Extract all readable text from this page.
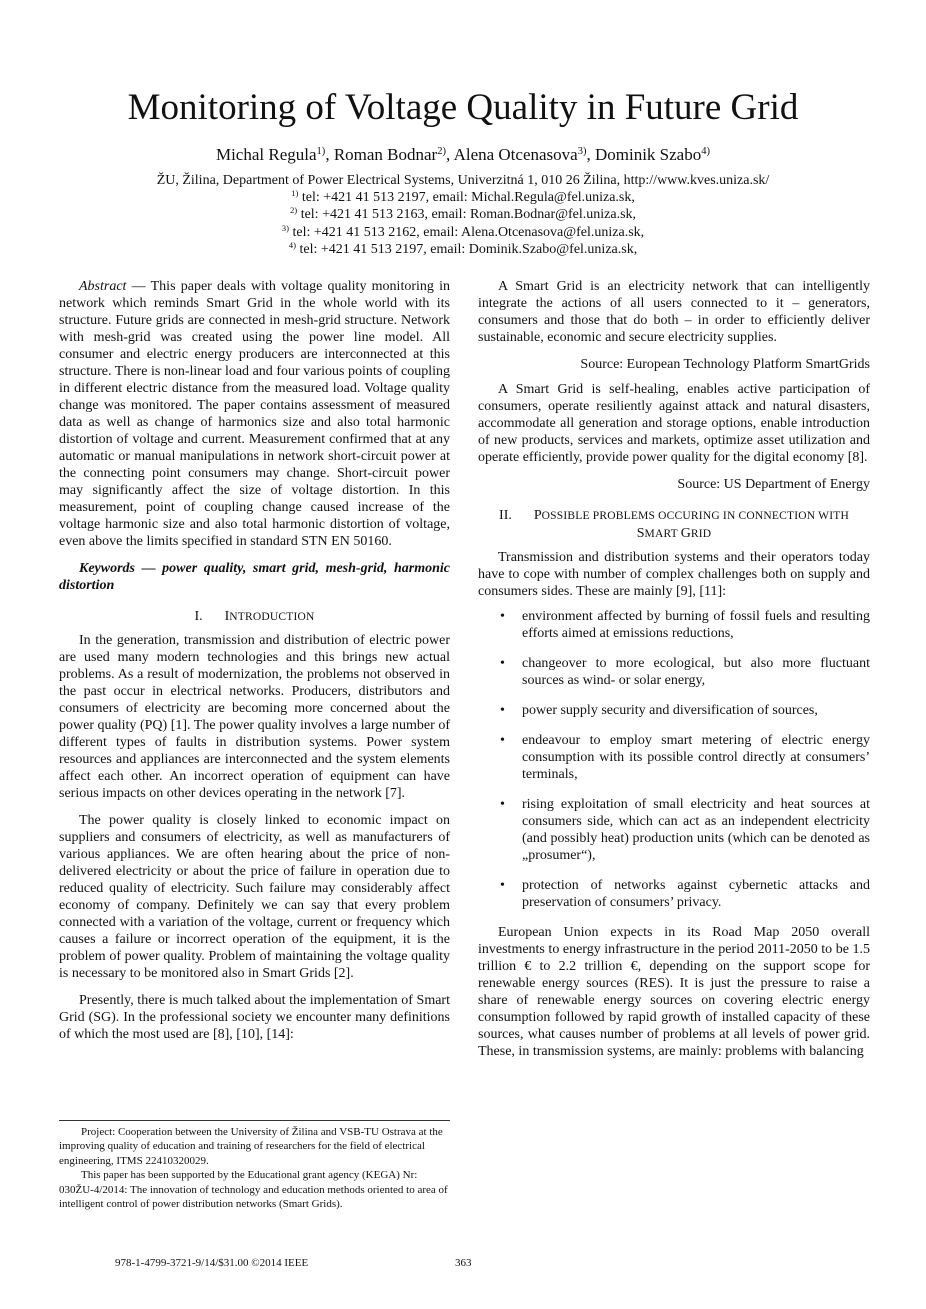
Monitoring of Voltage Quality in Future Grid
Michal Regula$^{1)}$, Roman Bodnar$^{2)}$, Alena Otcenasova$^{3)}$, Dominik Szabo$^{4)}$
ŽU, Žilina, Department of Power Electrical Systems, Univerzitná 1, 010 26 Žilina, http://www.kves.uniza.sk/
$^{1)}$ tel: +421 41 513 2197, email: Michal.Regula@fel.uniza.sk,
$^{2)}$ tel: +421 41 513 2163, email: Roman.Bodnar@fel.uniza.sk,
$^{3)}$ tel: +421 41 513 2162, email: Alena.Otcenasova@fel.uniza.sk,
$^{4)}$ tel: +421 41 513 2197, email: Dominik.Szabo@fel.uniza.sk,

Abstract — This paper deals with voltage quality monitoring in network which reminds Smart Grid in the whole world with its structure. Future grids are connected in mesh-grid structure. Network with mesh-grid was created using the power line model. All consumer and electric energy producers are interconnected at this structure. There is non-linear load and four various points of coupling in different electric distance from the measured load. Voltage quality change was monitored. The paper contains assessment of measured data as well as change of harmonics size and also total harmonic distortion of voltage and current. Measurement confirmed that at any automatic or manual manipulations in network short-circuit power at the connecting point consumers may change. Short-circuit power may significantly affect the size of voltage distortion. In this measurement, point of coupling change caused increase of the voltage harmonic size and also total harmonic distortion of voltage, even above the limits specified in standard STN EN 50160.

Keywords — power quality, smart grid, mesh-grid, harmonic distortion

I. INTRODUCTION

In the generation, transmission and distribution of electric power are used many modern technologies and this brings new actual problems. As a result of modernization, the problems not observed in the past occur in electrical networks. Producers, distributors and consumers of electricity are becoming more concerned about the power quality (PQ) [1]. The power quality involves a large number of different types of faults in distribution systems. Power system resources and appliances are interconnected and the system elements affect each other. An incorrect operation of equipment can have serious impacts on other devices operating in the network [7].

The power quality is closely linked to economic impact on suppliers and consumers of electricity, as well as manufacturers of various appliances. We are often hearing about the price of non-delivered electricity or about the price of failure in operation due to reduced quality of electricity. Such failure may considerably affect economy of company. Definitely we can say that every problem connected with a variation of the voltage, current or frequency which causes a failure or incorrect operation of the equipment, it is the problem of power quality. Problem of maintaining the voltage quality is necessary to be monitored also in Smart Grids [2].

Presently, there is much talked about the implementation of Smart Grid (SG). In the professional society we encounter many definitions of which the most used are [8], [10], [14]:

A Smart Grid is an electricity network that can intelligently integrate the actions of all users connected to it – generators, consumers and those that do both – in order to efficiently deliver sustainable, economic and secure electricity supplies.

Source: European Technology Platform SmartGrids

A Smart Grid is self-healing, enables active participation of consumers, operate resiliently against attack and natural disasters, accommodate all generation and storage options, enable introduction of new products, services and markets, optimize asset utilization and operate efficiently, provide power quality for the digital economy [8].

Source: US Department of Energy

II. POSSIBLE PROBLEMS OCCURING IN CONNECTION WITH
SMART GRID

Transmission and distribution systems and their operators today have to cope with number of complex challenges both on supply and consumers sides. These are mainly [9], [11]:

• environment affected by burning of fossil fuels and resulting efforts aimed at emissions reductions,
• changeover to more ecological, but also more fluctuant sources as wind- or solar energy,
• power supply security and diversification of sources,
• endeavour to employ smart metering of electric energy consumption with its possible control directly at consumers’ terminals,
• rising exploitation of small electricity and heat sources at consumers side, which can act as an independent electricity (and possibly heat) production units (which can be denoted as „prosumer“),
• protection of networks against cybernetic attacks and preservation of consumers’ privacy.

European Union expects in its Road Map 2050 overall investments to energy infrastructure in the period 2011-2050 to be 1.5 trillion € to 2.2 trillion €, depending on the support scope for renewable energy sources (RES). It is just the pressure to raise a share of renewable energy sources on covering electric energy consumption followed by rapid growth of installed capacity of these sources, what causes number of problems at all levels of power grid. These, in transmission systems, are mainly: problems with balancing

Project: Cooperation between the University of Žilina and VSB-TU Ostrava at the improving quality of education and training of researchers for the field of electrical engineering, ITMS 22410320029.

This paper has been supported by the Educational grant agency (KEGA) Nr: 030ŽU-4/2014: The innovation of technology and education methods oriented to area of intelligent control of power distribution networks (Smart Grids).

978-1-4799-3721-9/14/$31.00 ©2014 IEEE	363
